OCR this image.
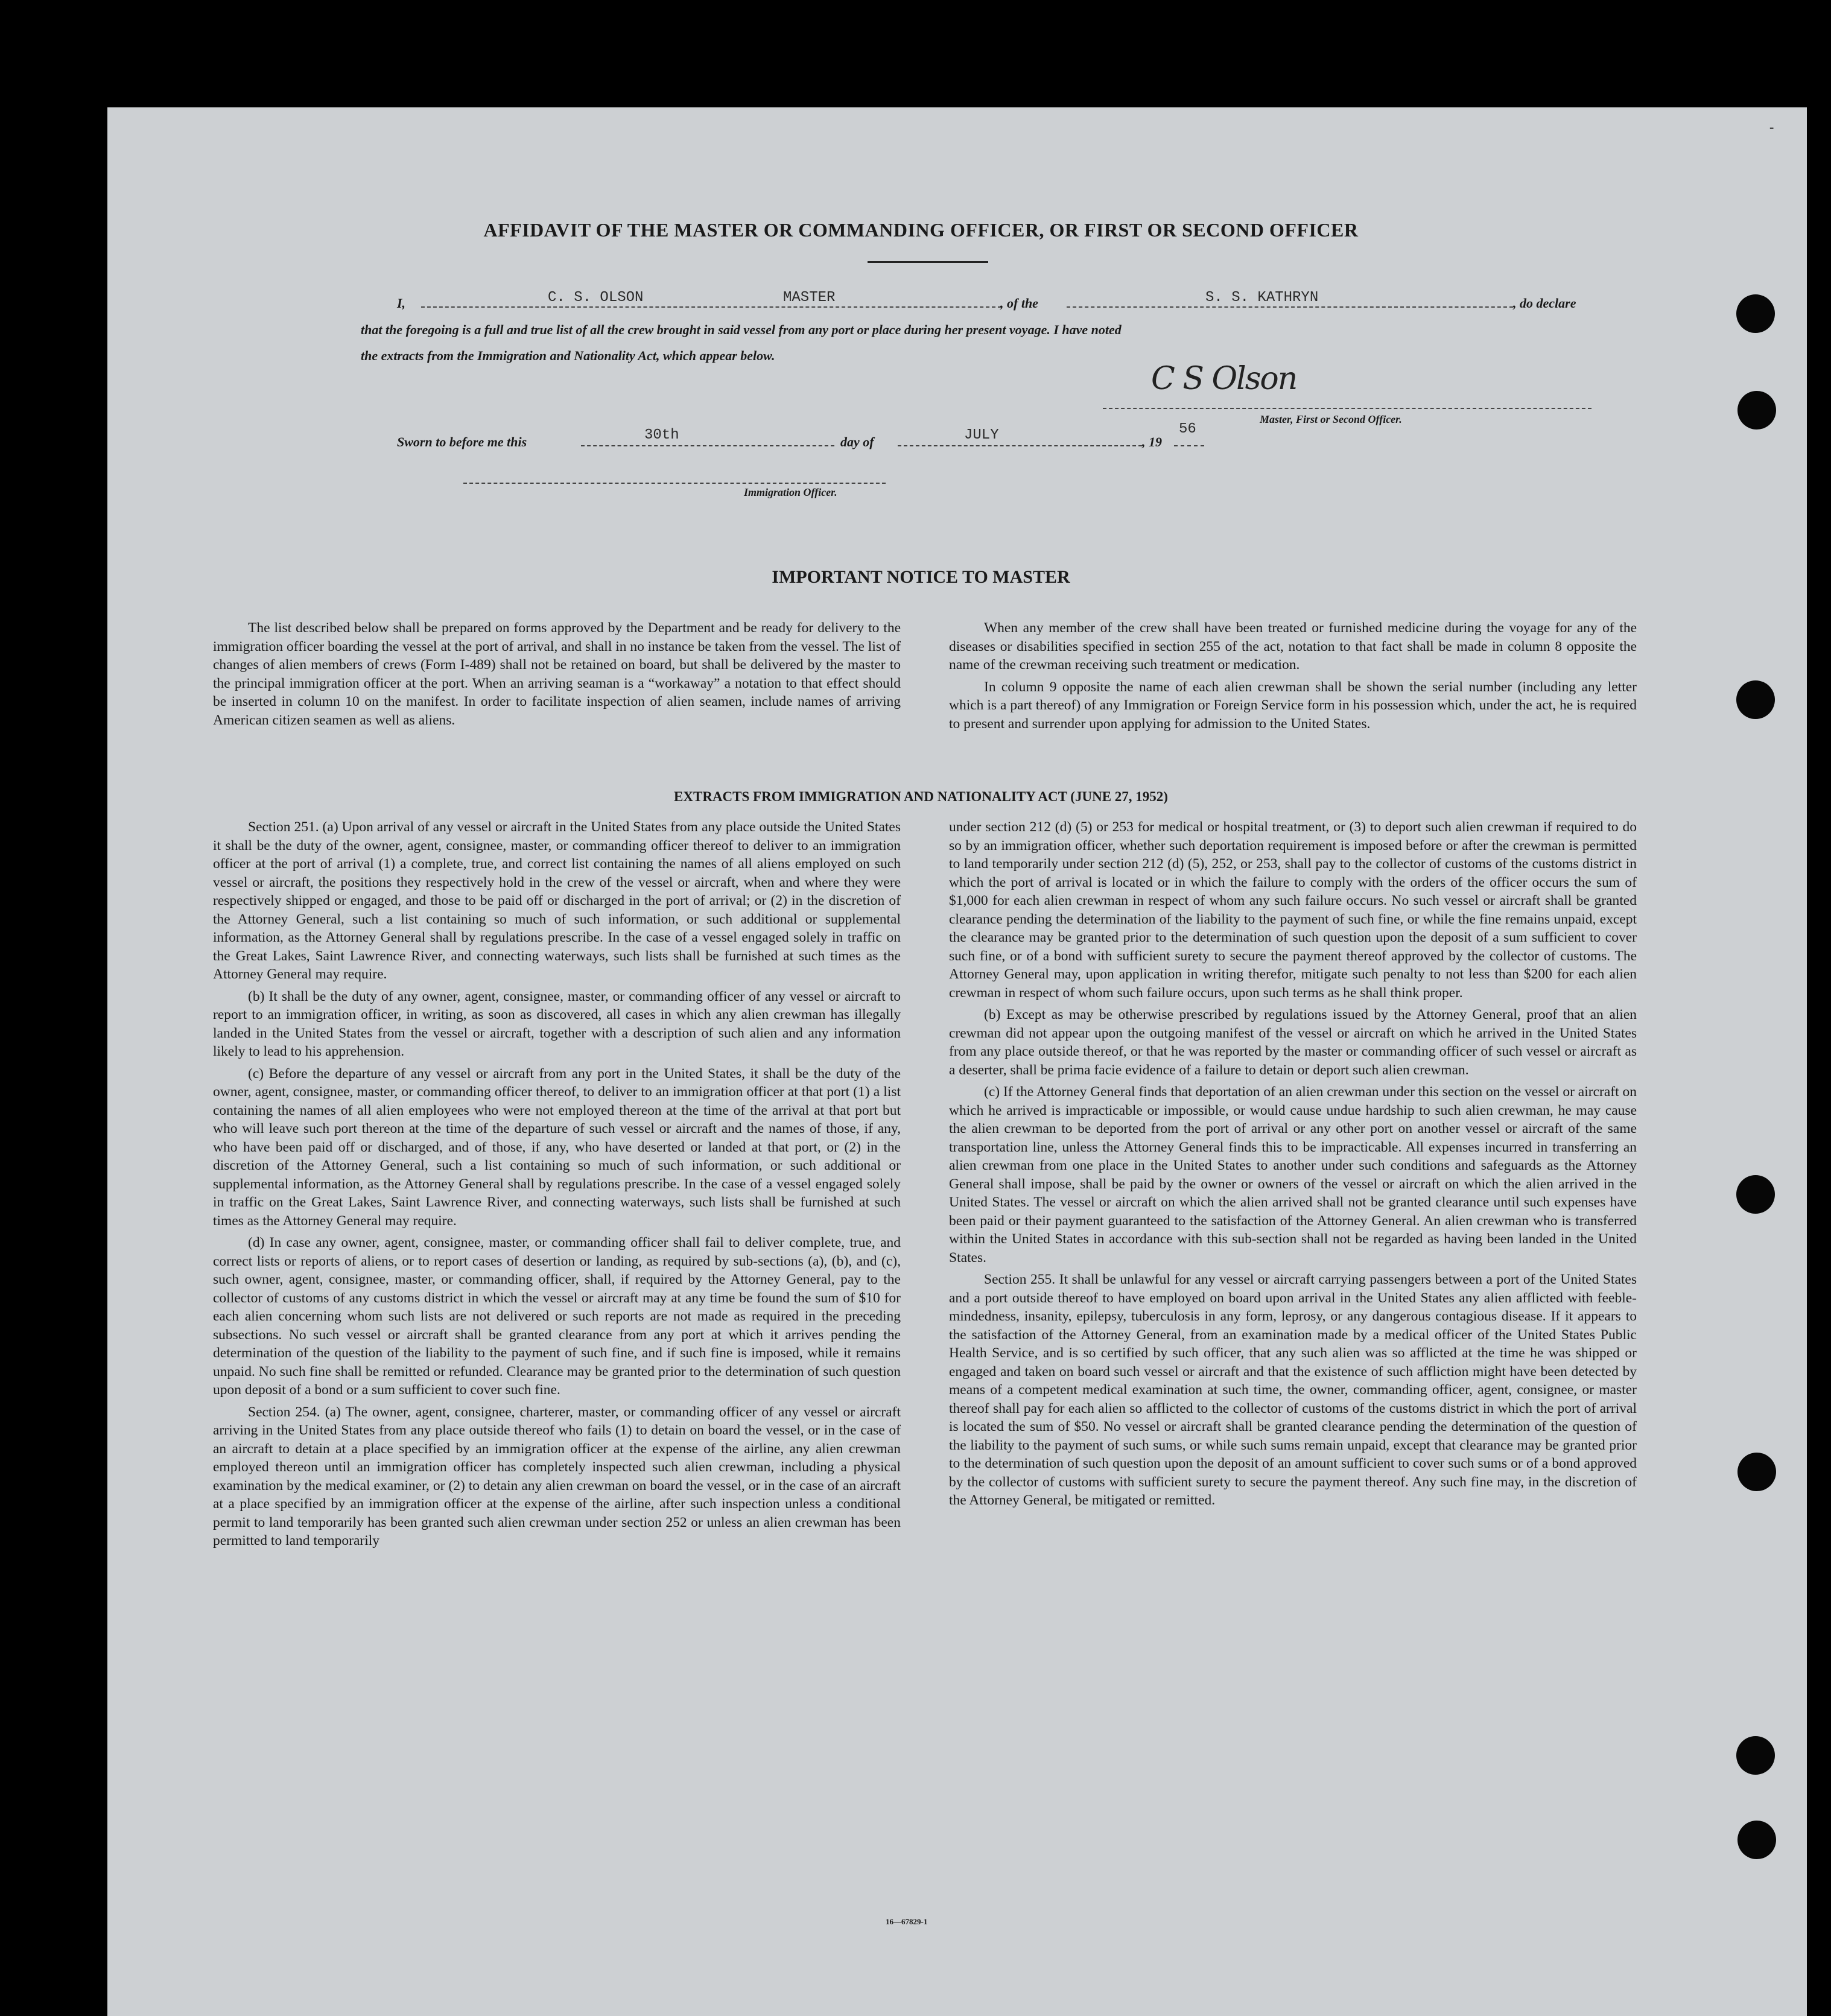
-
AFFIDAVIT OF THE MASTER OR COMMANDING OFFICER, OR FIRST OR SECOND OFFICER
I,	C. S. OLSON	MASTER	, of the	S. S. KATHRYN	, do declare
that the foregoing is a full and true list of all the crew brought in said vessel from any port or place during her present voyage. I have noted
the extracts from the Immigration and Nationality Act, which appear below.
C S Olson
Master, First or Second Officer.
Sworn to before me this	30th	day of	JULY	, 19
56
Immigration Officer.
IMPORTANT NOTICE TO MASTER

The list described below shall be prepared on forms approved by the Department and be ready for delivery to the immigration officer boarding the vessel at the port of arrival, and shall in no instance be taken from the vessel. The list of changes of alien members of crews (Form I-489) shall not be retained on board, but shall be delivered by the master to the principal immigration officer at the port. When an arriving seaman is a “workaway” a notation to that effect should be inserted in column 10 on the manifest. In order to facilitate inspection of alien seamen, include names of arriving American citizen seamen as well as aliens.

When any member of the crew shall have been treated or furnished medicine during the voyage for any of the diseases or disabilities specified in section 255 of the act, notation to that fact shall be made in column 8 opposite the name of the crewman receiving such treatment or medication.

In column 9 opposite the name of each alien crewman shall be shown the serial number (including any letter which is a part thereof) of any Immigration or Foreign Service form in his possession which, under the act, he is required to present and surrender upon applying for admission to the United States.

EXTRACTS FROM IMMIGRATION AND NATIONALITY ACT (JUNE 27, 1952)

Section 251. (a) Upon arrival of any vessel or aircraft in the United States from any place outside the United States it shall be the duty of the owner, agent, consignee, master, or commanding officer thereof to deliver to an immigration officer at the port of arrival (1) a complete, true, and correct list containing the names of all aliens employed on such vessel or aircraft, the positions they respectively hold in the crew of the vessel or aircraft, when and where they were respectively shipped or engaged, and those to be paid off or discharged in the port of arrival; or (2) in the discretion of the Attorney General, such a list containing so much of such information, or such additional or supplemental information, as the Attorney General shall by regulations prescribe. In the case of a vessel engaged solely in traffic on the Great Lakes, Saint Lawrence River, and connecting waterways, such lists shall be furnished at such times as the Attorney General may require.

(b) It shall be the duty of any owner, agent, consignee, master, or commanding officer of any vessel or aircraft to report to an immigration officer, in writing, as soon as discovered, all cases in which any alien crewman has illegally landed in the United States from the vessel or aircraft, together with a description of such alien and any information likely to lead to his apprehension.

(c) Before the departure of any vessel or aircraft from any port in the United States, it shall be the duty of the owner, agent, consignee, master, or commanding officer thereof, to deliver to an immigration officer at that port (1) a list containing the names of all alien employees who were not employed thereon at the time of the arrival at that port but who will leave such port thereon at the time of the departure of such vessel or aircraft and the names of those, if any, who have been paid off or discharged, and of those, if any, who have deserted or landed at that port, or (2) in the discretion of the Attorney General, such a list containing so much of such information, or such additional or supplemental information, as the Attorney General shall by regulations prescribe. In the case of a vessel engaged solely in traffic on the Great Lakes, Saint Lawrence River, and connecting waterways, such lists shall be furnished at such times as the Attorney General may require.

(d) In case any owner, agent, consignee, master, or commanding officer shall fail to deliver complete, true, and correct lists or reports of aliens, or to report cases of desertion or landing, as required by sub-sections (a), (b), and (c), such owner, agent, consignee, master, or commanding officer, shall, if required by the Attorney General, pay to the collector of customs of any customs district in which the vessel or aircraft may at any time be found the sum of $10 for each alien concerning whom such lists are not delivered or such reports are not made as required in the preceding subsections. No such vessel or aircraft shall be granted clearance from any port at which it arrives pending the determination of the question of the liability to the payment of such fine, and if such fine is imposed, while it remains unpaid. No such fine shall be remitted or refunded. Clearance may be granted prior to the determination of such question upon deposit of a bond or a sum sufficient to cover such fine.

Section 254. (a) The owner, agent, consignee, charterer, master, or commanding officer of any vessel or aircraft arriving in the United States from any place outside thereof who fails (1) to detain on board the vessel, or in the case of an aircraft to detain at a place specified by an immigration officer at the expense of the airline, any alien crewman employed thereon until an immigration officer has completely inspected such alien crewman, including a physical examination by the medical examiner, or (2) to detain any alien crewman on board the vessel, or in the case of an aircraft at a place specified by an immigration officer at the expense of the airline, after such inspection unless a conditional permit to land temporarily has been granted such alien crewman under section 252 or unless an alien crewman has been permitted to land temporarily

under section 212 (d) (5) or 253 for medical or hospital treatment, or (3) to deport such alien crewman if required to do so by an immigration officer, whether such deportation requirement is imposed before or after the crewman is permitted to land temporarily under section 212 (d) (5), 252, or 253, shall pay to the collector of customs of the customs district in which the port of arrival is located or in which the failure to comply with the orders of the officer occurs the sum of $1,000 for each alien crewman in respect of whom any such failure occurs. No such vessel or aircraft shall be granted clearance pending the determination of the liability to the payment of such fine, or while the fine remains unpaid, except the clearance may be granted prior to the determination of such question upon the deposit of a sum sufficient to cover such fine, or of a bond with sufficient surety to secure the payment thereof approved by the collector of customs. The Attorney General may, upon application in writing therefor, mitigate such penalty to not less than $200 for each alien crewman in respect of whom such failure occurs, upon such terms as he shall think proper.

(b) Except as may be otherwise prescribed by regulations issued by the Attorney General, proof that an alien crewman did not appear upon the outgoing manifest of the vessel or aircraft on which he arrived in the United States from any place outside thereof, or that he was reported by the master or commanding officer of such vessel or aircraft as a deserter, shall be prima facie evidence of a failure to detain or deport such alien crewman.

(c) If the Attorney General finds that deportation of an alien crewman under this section on the vessel or aircraft on which he arrived is impracticable or impossible, or would cause undue hardship to such alien crewman, he may cause the alien crewman to be deported from the port of arrival or any other port on another vessel or aircraft of the same transportation line, unless the Attorney General finds this to be impracticable. All expenses incurred in transferring an alien crewman from one place in the United States to another under such conditions and safeguards as the Attorney General shall impose, shall be paid by the owner or owners of the vessel or aircraft on which the alien arrived in the United States. The vessel or aircraft on which the alien arrived shall not be granted clearance until such expenses have been paid or their payment guaranteed to the satisfaction of the Attorney General. An alien crewman who is transferred within the United States in accordance with this sub-section shall not be regarded as having been landed in the United States.

Section 255. It shall be unlawful for any vessel or aircraft carrying passengers between a port of the United States and a port outside thereof to have employed on board upon arrival in the United States any alien afflicted with feeble-mindedness, insanity, epilepsy, tuberculosis in any form, leprosy, or any dangerous contagious disease. If it appears to the satisfaction of the Attorney General, from an examination made by a medical officer of the United States Public Health Service, and is so certified by such officer, that any such alien was so afflicted at the time he was shipped or engaged and taken on board such vessel or aircraft and that the existence of such affliction might have been detected by means of a competent medical examination at such time, the owner, commanding officer, agent, consignee, or master thereof shall pay for each alien so afflicted to the collector of customs of the customs district in which the port of arrival is located the sum of $50. No vessel or aircraft shall be granted clearance pending the determination of the question of the liability to the payment of such sums, or while such sums remain unpaid, except that clearance may be granted prior to the determination of such question upon the deposit of an amount sufficient to cover such sums or of a bond approved by the collector of customs with sufficient surety to secure the payment thereof. Any such fine may, in the discretion of the Attorney General, be mitigated or remitted.

16—67829-1
